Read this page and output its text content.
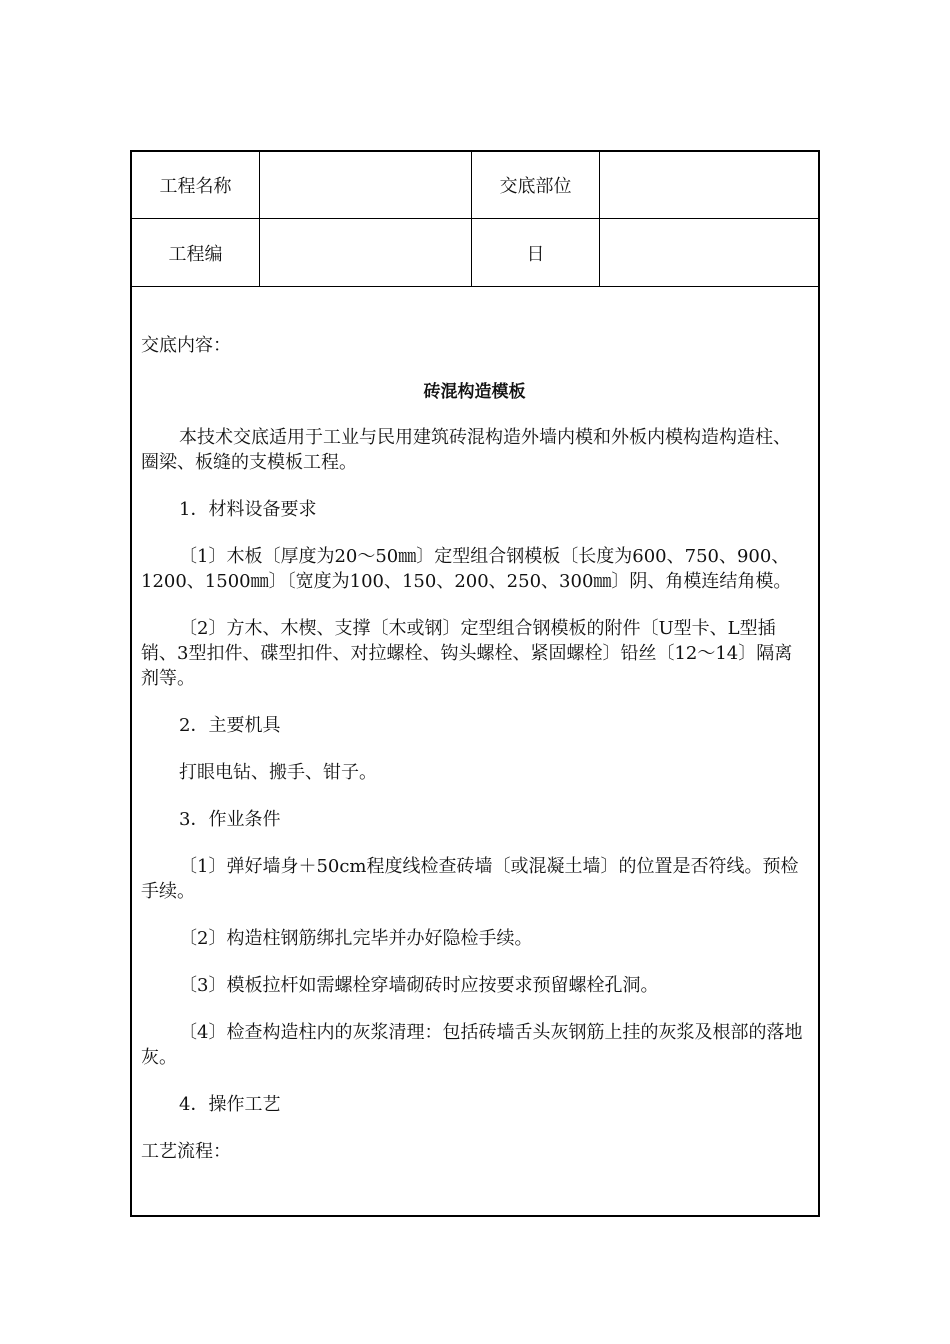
工程名称	交底部位
工程编	日

交底内容：

砖混构造模板

本技术交底适用于工业与民用建筑砖混构造外墙内模和外板内模构造构造柱、圈梁、板缝的支模板工程。

1．材料设备要求

〔1〕木板〔厚度为20～50㎜〕定型组合钢模板〔长度为600、750、900、1200、1500㎜〕〔宽度为100、150、200、250、300㎜〕阴、角模连结角模。

〔2〕方木、木楔、支撑〔木或钢〕定型组合钢模板的附件〔U型卡、L型插销、3型扣件、碟型扣件、对拉螺栓、钩头螺栓、紧固螺栓〕铅丝〔12～14〕隔离剂等。

2．主要机具

打眼电钻、搬手、钳子。

3．作业条件

〔1〕弹好墙身＋50cm程度线检查砖墙〔或混凝土墙〕的位置是否符线。预检手续。

〔2〕构造柱钢筋绑扎完毕并办好隐检手续。

〔3〕模板拉杆如需螺栓穿墙砌砖时应按要求预留螺栓孔洞。

〔4〕检查构造柱内的灰浆清理：包括砖墙舌头灰钢筋上挂的灰浆及根部的落地灰。

4．操作工艺

工艺流程：
